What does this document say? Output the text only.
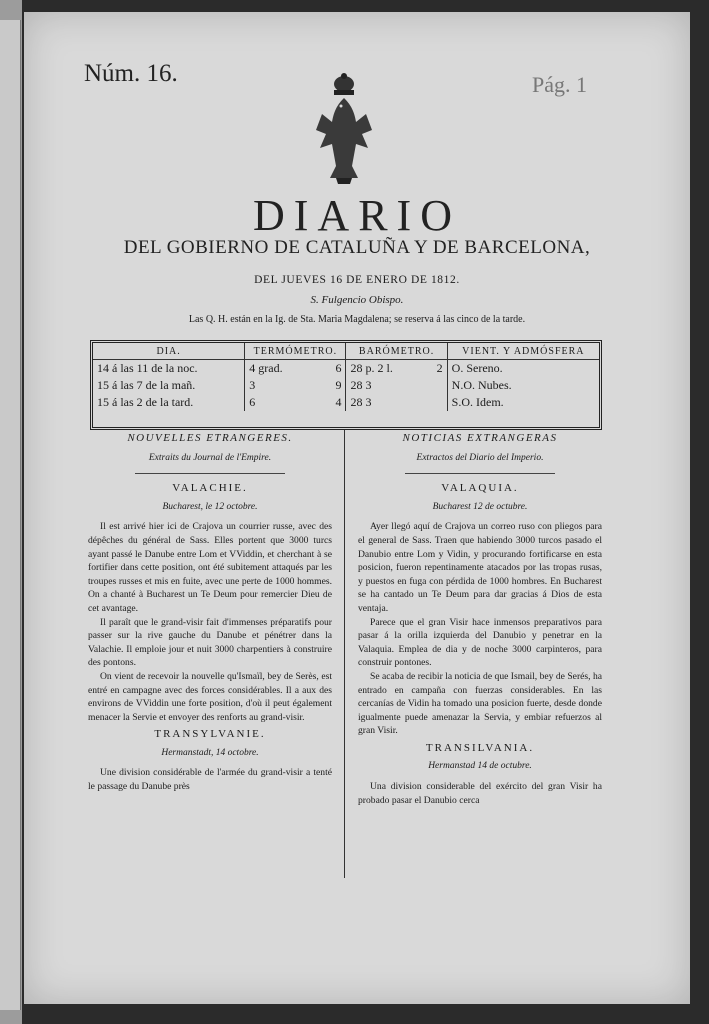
Núm. 16.	Pág. 1
DIARIO
DEL GOBIERNO DE CATALUÑA Y DE BARCELONA,
DEL JUEVES 16 DE ENERO DE 1812.
S. Fulgencio Obispo.
Las Q. H. están en la Ig. de Sta. Maria Magdalena; se reserva á las cinco de la tarde.
DIA.	TERMÓMETRO.	BARÓMETRO.	VIENT. Y ADMÓSFERA
14 á las 11 de la noc.	4 grad. 6	28 p. 2 l. 2	O. Sereno.
15 á las 7 de la mañ.	3 9	28 3	N.O. Nubes.
15 á las 2 de la tard.	6 4	28 3	S.O. Idem.
NOUVELLES ETRANGERES.
Extraits du Journal de l'Empire.
VALACHIE.
Bucharest, le 12 octobre.

Il est arrivé hier ici de Crajova un courrier russe, avec des dépêches du général de Sass. Elles portent que 3000 turcs ayant passé le Danube entre Lom et VViddin, et cherchant à se fortifier dans cette position, ont été subitement attaqués par les troupes russes et mis en fuite, avec une perte de 1000 hommes. On a chanté à Bucharest un Te Deum pour remercier Dieu de cet avantage.

Il paraît que le grand-visir fait d'immenses préparatifs pour passer sur la rive gauche du Danube et pénétrer dans la Valachie. Il emploie jour et nuit 3000 charpentiers à construire des pontons.

On vient de recevoir la nouvelle qu'Ismaïl, bey de Serès, est entré en campagne avec des forces considérables. Il a aux des environs de VViddin une forte position, d'où il peut également menacer la Servie et envoyer des renforts au grand-visir.

TRANSYLVANIE.
Hermanstadt, 14 octobre.

Une division considérable de l'armée du grand-visir a tenté le passage du Danube près

NOTICIAS EXTRANGERAS
Extractos del Diario del Imperio.
VALAQUIA.
Bucharest 12 de octubre.

Ayer llegó aquí de Crajova un correo ruso con pliegos para el general de Sass. Traen que habiendo 3000 turcos pasado el Danubio entre Lom y Vidin, y procurando fortificarse en esta posicion, fueron repentinamente atacados por las tropas rusas, y puestos en fuga con pérdida de 1000 hombres. En Bucharest se ha cantado un Te Deum para dar gracias á Dios de esta ventaja.

Parece que el gran Visir hace inmensos preparativos para pasar á la orilla izquierda del Danubio y penetrar en la Valaquia. Emplea de dia y de noche 3000 carpinteros, para construir pontones.

Se acaba de recibir la noticia de que Ismail, bey de Serés, ha entrado en campaña con fuerzas considerables. En las cercanías de Vidin ha tomado una posicion fuerte, desde donde igualmente puede amenazar la Servia, y embiar refuerzos al gran Visir.

TRANSILVANIA.
Hermanstad 14 de octubre.

Una division considerable del exército del gran Visir ha probado pasar el Danubio cerca
